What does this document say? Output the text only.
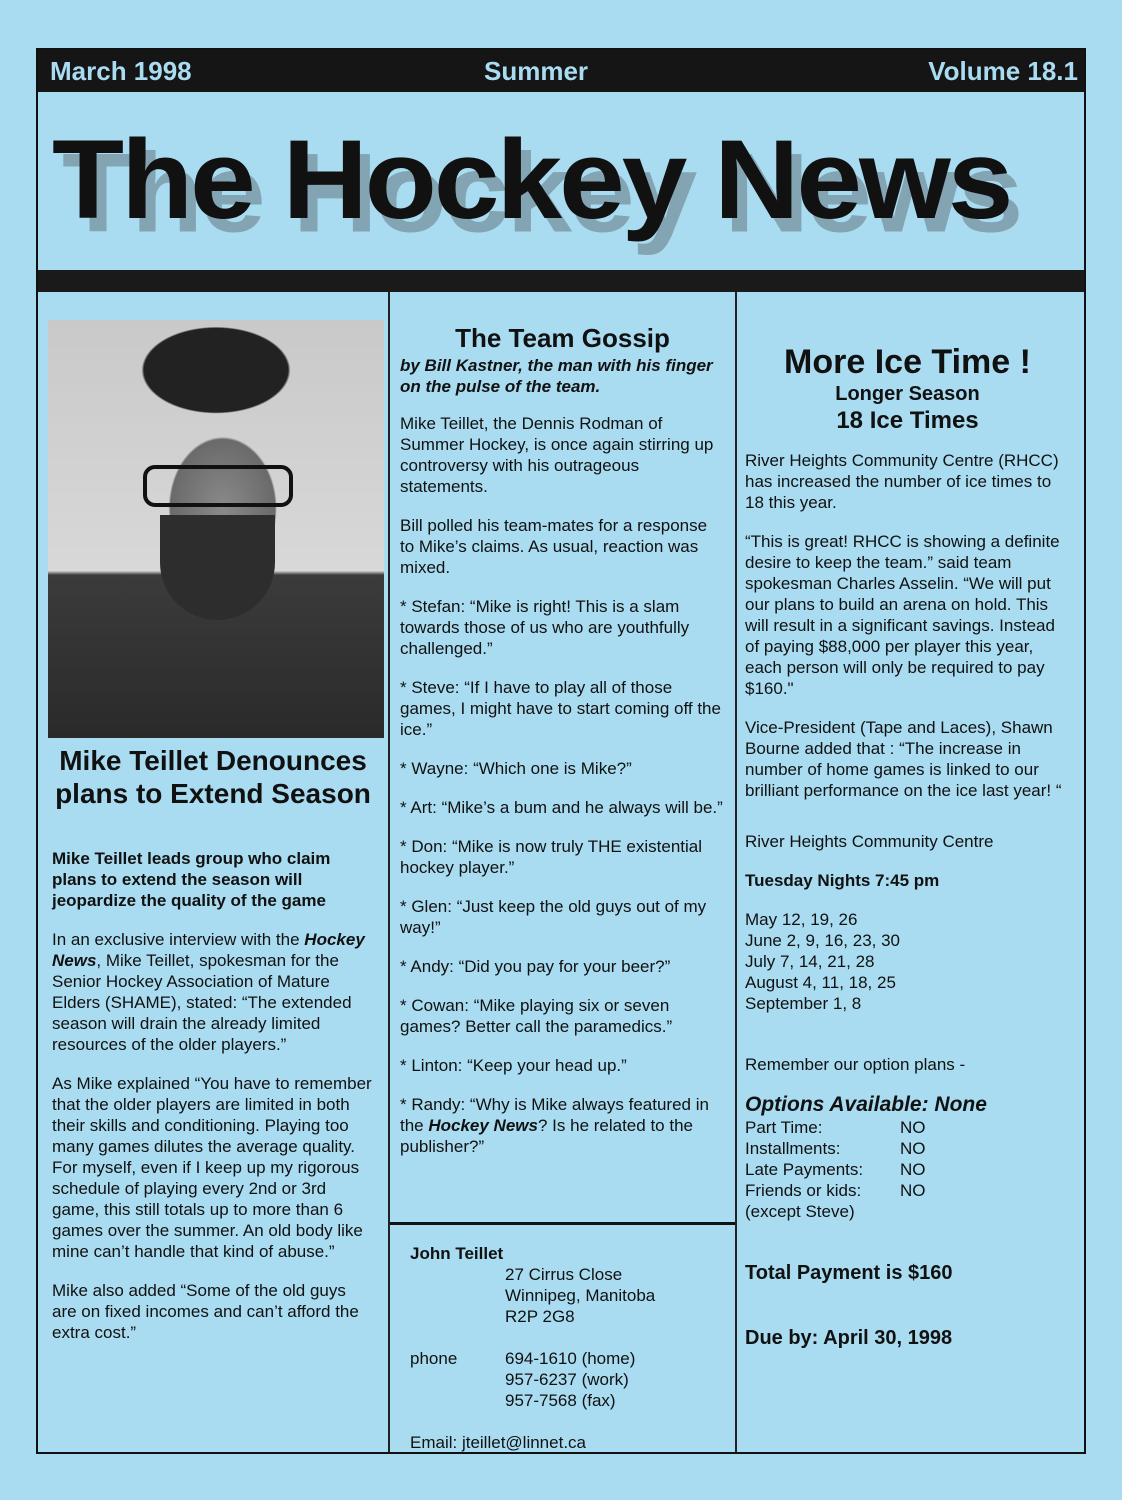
March 1998	Summer	Volume 18.1
The Hockey News
Mike Teillet Denounces plans to Extend Season

Mike Teillet leads group who claim plans to extend the season will jeopardize the quality of the game

In an exclusive interview with the Hockey News, Mike Teillet, spokesman for the Senior Hockey Association of Mature Elders (SHAME), stated: “The extended season will drain the already limited resources of the older players.”

As Mike explained “You have to remember that the older players are limited in both their skills and conditioning. Playing too many games dilutes the average quality. For myself, even if I keep up my rigorous schedule of playing every 2nd or 3rd game, this still totals up to more than 6 games over the summer. An old body like mine can’t handle that kind of abuse.”

Mike also added “Some of the old guys are on fixed incomes and can’t afford the extra cost.”

The Team Gossip

by Bill Kastner, the man with his finger on the pulse of the team.

Mike Teillet, the Dennis Rodman of Summer Hockey, is once again stirring up controversy with his outrageous statements.

Bill polled his team-mates for a response to Mike’s claims. As usual, reaction was mixed.

* Stefan: “Mike is right! This is a slam towards those of us who are youthfully challenged.”

* Steve: “If I have to play all of those games, I might have to start coming off the ice.”

* Wayne: “Which one is Mike?”

* Art: “Mike’s a bum and he always will be.”

* Don: “Mike is now truly THE existential hockey player.”

* Glen: “Just keep the old guys out of my way!”

* Andy: “Did you pay for your beer?”

* Cowan: “Mike playing six or seven games? Better call the paramedics.”

* Linton: “Keep your head up.”

* Randy: “Why is Mike always featured in the Hockey News? Is he related to the publisher?”

John Teillet
27 Cirrus Close
Winnipeg, Manitoba
R2P 2G8
phone	694-1610 (home)
957-6237 (work)
957-7568 (fax)
Email: jteillet@linnet.ca
More Ice Time !
Longer Season
18 Ice Times

River Heights Community Centre (RHCC) has increased the number of ice times to 18 this year.

“This is great! RHCC is showing a definite desire to keep the team.” said team spokesman Charles Asselin. “We will put our plans to build an arena on hold. This will result in a significant savings. Instead of paying $88,000 per player this year, each person will only be required to pay $160."

Vice-President (Tape and Laces), Shawn Bourne added that : “The increase in number of home games is linked to our brilliant performance on the ice last year! “

River Heights Community Centre

Tuesday Nights 7:45 pm

May 12, 19, 26
June 2, 9, 16, 23, 30
July 7, 14, 21, 28
August 4, 11, 18, 25
September 1, 8

Remember our option plans -

Options Available: None
Part Time:	NO
Installments:	NO
Late Payments:	NO
Friends or kids:	NO
(except Steve)
Total Payment is $160
Due by: April 30, 1998
